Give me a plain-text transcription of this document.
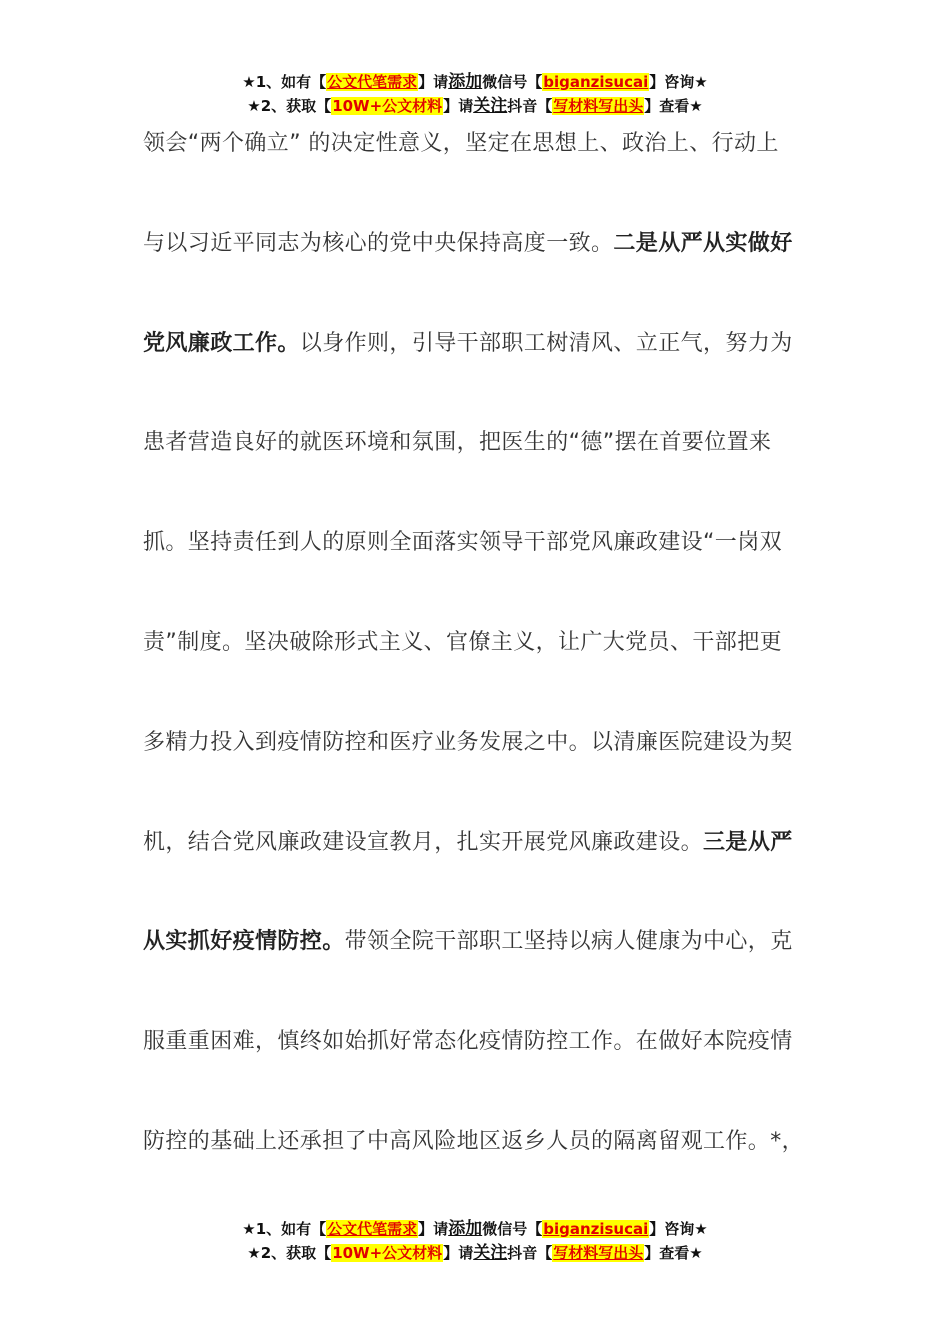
★1、如有【公文代笔需求】请添加微信号【biganzisucai】咨询★
★2、获取【10W+公文材料】请关注抖音【写材料写出头】查看★
领会“两个确立” 的决定性意义，坚定在思想上、政治上、行动上
与以习近平同志为核心的党中央保持高度一致。二是从严从实做好
党风廉政工作。以身作则，引导干部职工树清风、立正气，努力为
患者营造良好的就医环境和氛围，把医生的“德”摆在首要位置来
抓。坚持责任到人的原则全面落实领导干部党风廉政建设“一岗双
责”制度。坚决破除形式主义、官僚主义，让广大党员、干部把更
多精力投入到疫情防控和医疗业务发展之中。以清廉医院建设为契
机，结合党风廉政建设宣教月，扎实开展党风廉政建设。三是从严
从实抓好疫情防控。带领全院干部职工坚持以病人健康为中心，克
服重重困难，慎终如始抓好常态化疫情防控工作。在做好本院疫情
防控的基础上还承担了中高风险地区返乡人员的隔离留观工作。*，
★1、如有【公文代笔需求】请添加微信号【biganzisucai】咨询★
★2、获取【10W+公文材料】请关注抖音【写材料写出头】查看★
